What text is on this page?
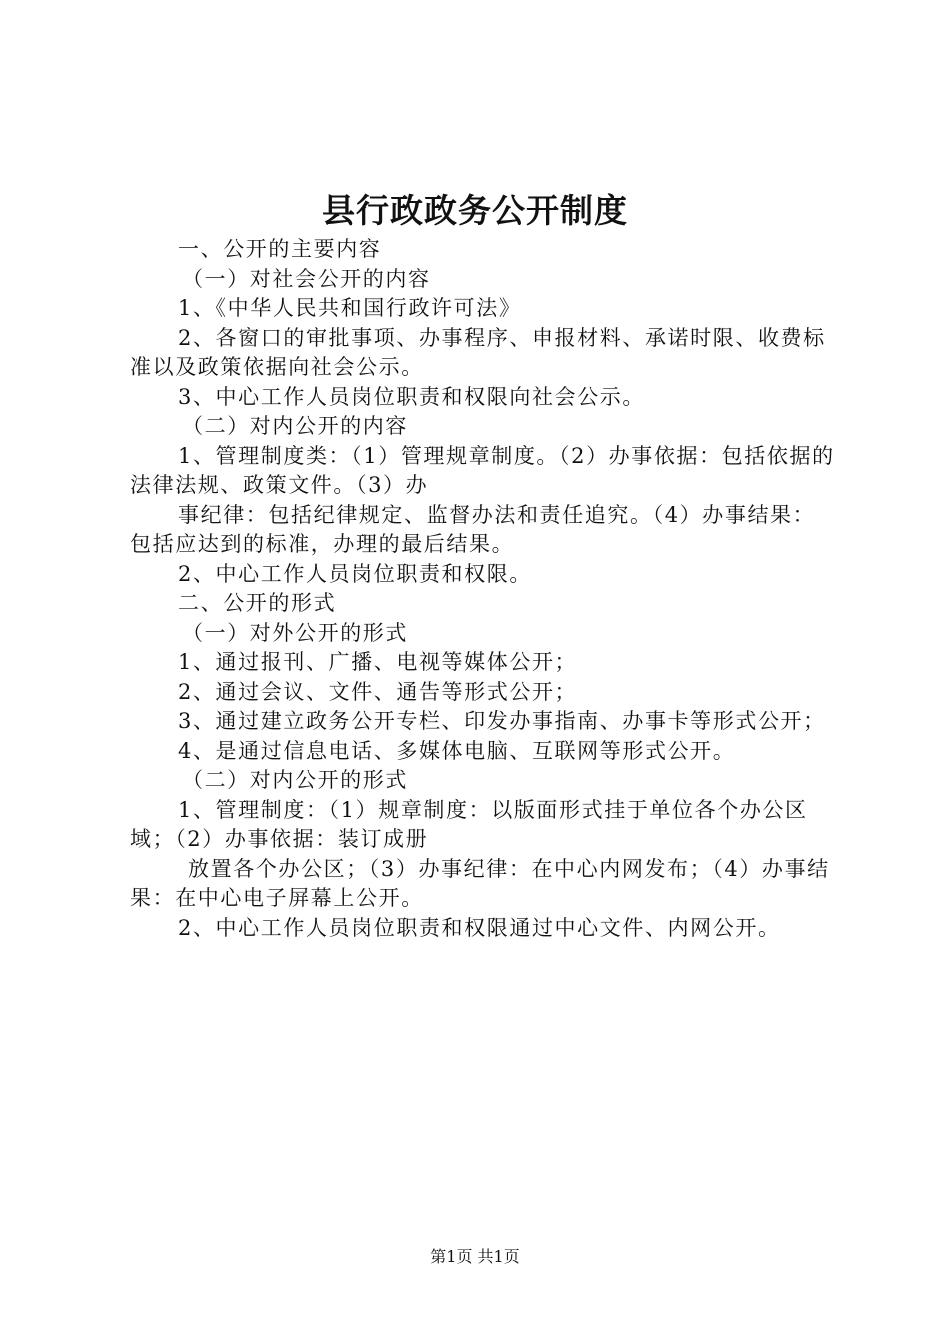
县行政政务公开制度

一、公开的主要内容

（一）对社会公开的内容

1、《中华人民共和国行政许可法》

2、各窗口的审批事项、办事程序、申报材料、承诺时限、收费标准以及政策依据向社会公示。

3、中心工作人员岗位职责和权限向社会公示。

（二）对内公开的内容

1、管理制度类：（1）管理规章制度。（2）办事依据：包括依据的法律法规、政策文件。（3）办

事纪律：包括纪律规定、监督办法和责任追究。（4）办事结果：包括应达到的标准，办理的最后结果。

2、中心工作人员岗位职责和权限。

二、公开的形式

（一）对外公开的形式

1、通过报刊、广播、电视等媒体公开；

2、通过会议、文件、通告等形式公开；

3、通过建立政务公开专栏、印发办事指南、办事卡等形式公开；

4、是通过信息电话、多媒体电脑、互联网等形式公开。

（二）对内公开的形式

1、管理制度：（1）规章制度：以版面形式挂于单位各个办公区域；（2）办事依据：装订成册

放置各个办公区；（3）办事纪律：在中心内网发布；（4）办事结果：在中心电子屏幕上公开。

2、中心工作人员岗位职责和权限通过中心文件、内网公开。

第1页 共1页
